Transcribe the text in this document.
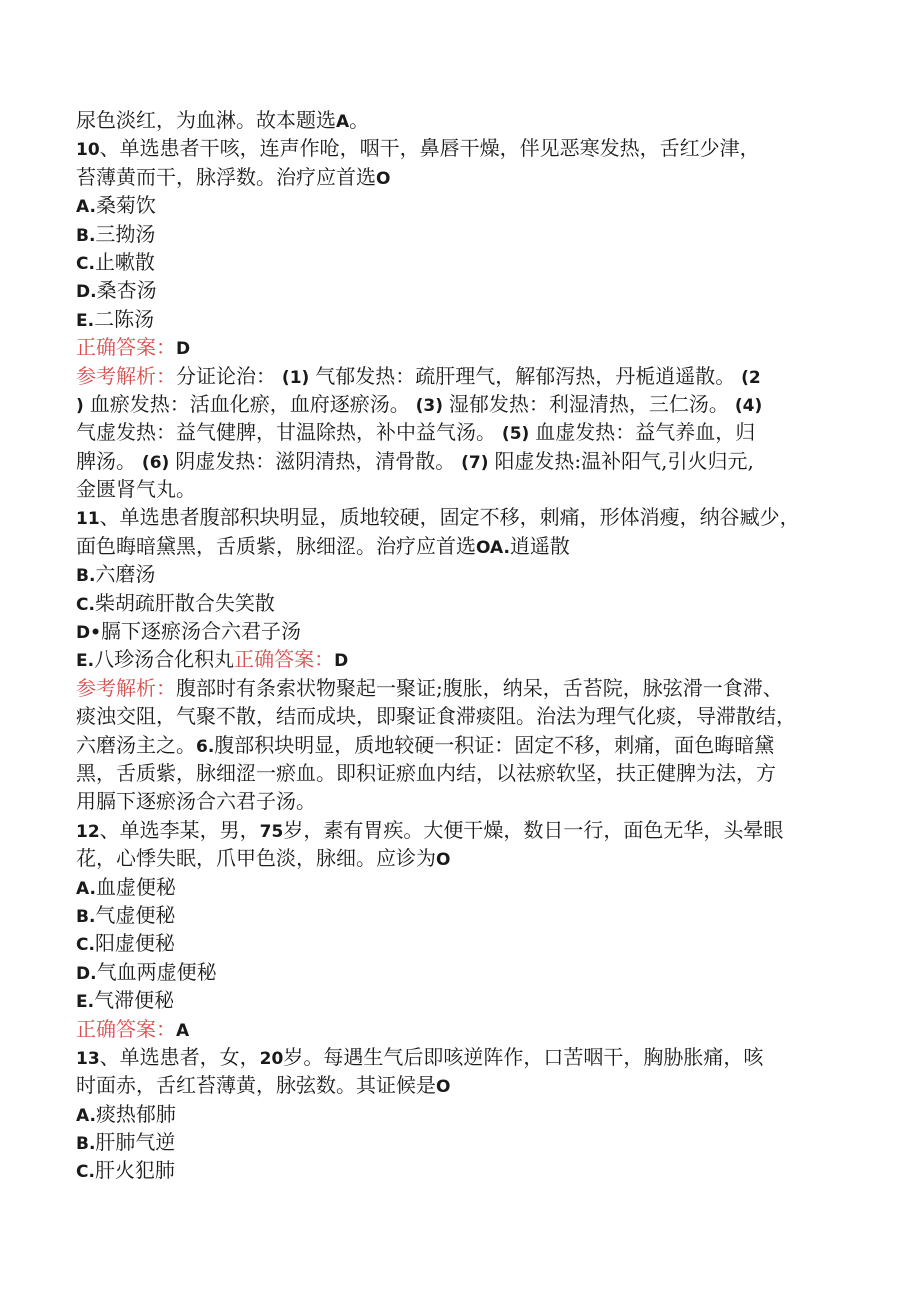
尿色淡红，为血淋。故本题选A。
10、单选患者干咳，连声作呛，咽干，鼻唇干燥，伴见恶寒发热，舌红少津，
苔薄黄而干，脉浮数。治疗应首选O
A.桑菊饮
B.三拗汤
C.止嗽散
D.桑杏汤
E.二陈汤
正确答案：D
参考解析：分证论治： (1) 气郁发热：疏肝理气，解郁泻热，丹栀逍遥散。 (2
) 血瘀发热：活血化瘀，血府逐瘀汤。 (3) 湿郁发热：利湿清热，三仁汤。 (4)
气虚发热：益气健脾，甘温除热，补中益气汤。 (5) 血虚发热：益气养血，归
脾汤。 (6) 阴虚发热：滋阴清热，清骨散。 (7) 阳虚发热:温补阳气,引火归元,
金匮肾气丸。
11、单选患者腹部积块明显，质地较硬，固定不移，刺痛，形体消瘦，纳谷臧少，
面色晦暗黛黑，舌质紫，脉细涩。治疗应首选OA.逍遥散
B.六磨汤
C.柴胡疏肝散合失笑散
D•膈下逐瘀汤合六君子汤
E.八珍汤合化积丸正确答案：D
参考解析：腹部时有条索状物聚起一聚证;腹胀，纳呆，舌苔院，脉弦滑一食滞、
痰浊交阻，气聚不散，结而成块，即聚证食滞痰阻。治法为理气化痰，导滞散结，
六磨汤主之。6.腹部积块明显，质地较硬一积证：固定不移，刺痛，面色晦暗黛
黑，舌质紫，脉细涩一瘀血。即积证瘀血内结，以祛瘀软坚，扶正健脾为法，方
用膈下逐瘀汤合六君子汤。
12、单选李某，男，75岁，素有胃疾。大便干燥，数日一行，面色无华，头晕眼
花，心悸失眠，爪甲色淡，脉细。应诊为O
A.血虚便秘
B.气虚便秘
C.阳虚便秘
D.气血两虚便秘
E.气滞便秘
正确答案：A
13、单选患者，女，20岁。每遇生气后即咳逆阵作，口苦咽干，胸胁胀痛，咳
时面赤，舌红苔薄黄，脉弦数。其证候是O
A.痰热郁肺
B.肝肺气逆
C.肝火犯肺
